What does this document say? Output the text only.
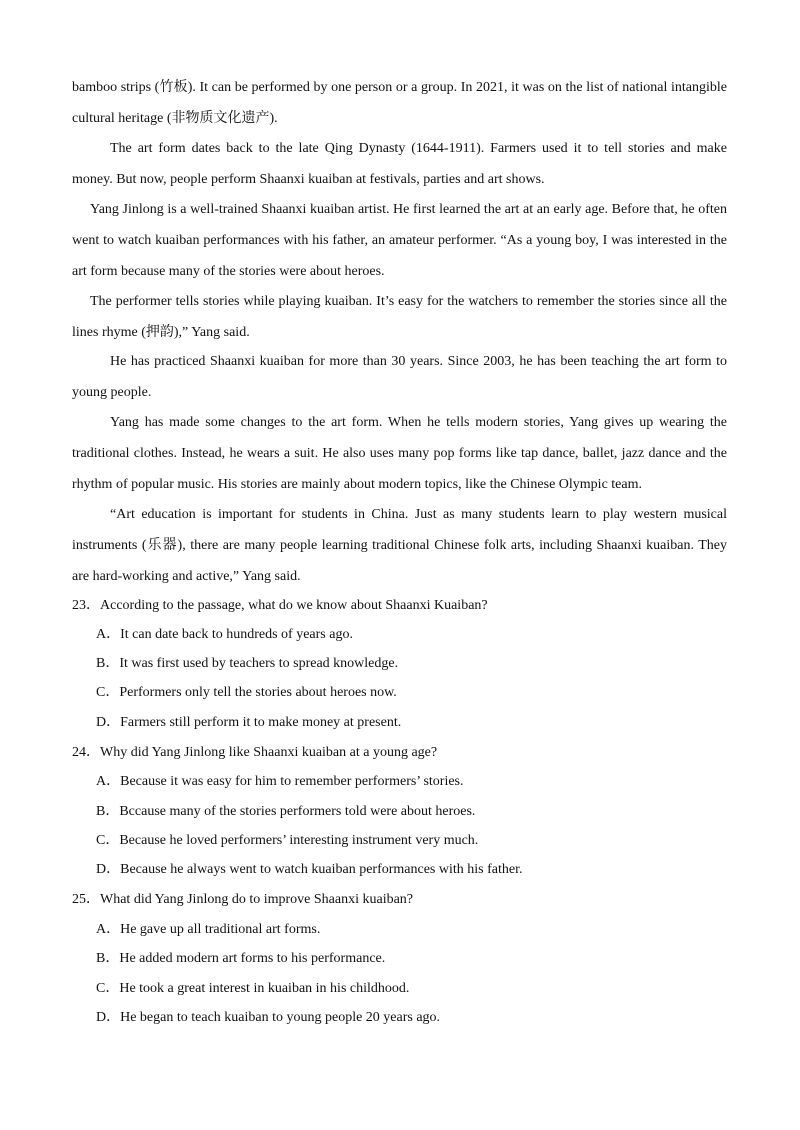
bamboo strips (竹板). It can be performed by one person or a group. In 2021, it was on the list of national intangible cultural heritage (非物质文化遗产).

The art form dates back to the late Qing Dynasty (1644-1911). Farmers used it to tell stories and make money. But now, people perform Shaanxi kuaiban at festivals, parties and art shows.

Yang Jinlong is a well-trained Shaanxi kuaiban artist. He first learned the art at an early age. Before that, he often went to watch kuaiban performances with his father, an amateur performer. “As a young boy, I was interested in the art form because many of the stories were about heroes.

The performer tells stories while playing kuaiban. It’s easy for the watchers to remember the stories since all the lines rhyme (押韵),” Yang said.

He has practiced Shaanxi kuaiban for more than 30 years. Since 2003, he has been teaching the art form to young people.

Yang has made some changes to the art form. When he tells modern stories, Yang gives up wearing the traditional clothes. Instead, he wears a suit. He also uses many pop forms like tap dance, ballet, jazz dance and the rhythm of popular music. His stories are mainly about modern topics, like the Chinese Olympic team.

“Art education is important for students in China. Just as many students learn to play western musical instruments (乐器), there are many people learning traditional Chinese folk arts, including Shaanxi kuaiban. They are hard-working and active,” Yang said.

23．According to the passage, what do we know about Shaanxi Kuaiban?

A．It can date back to hundreds of years ago.

B．It was first used by teachers to spread knowledge.

C．Performers only tell the stories about heroes now.

D．Farmers still perform it to make money at present.

24．Why did Yang Jinlong like Shaanxi kuaiban at a young age?

A．Because it was easy for him to remember performers’ stories.

B．Bccause many of the stories performers told were about heroes.

C．Because he loved performers’ interesting instrument very much.

D．Because he always went to watch kuaiban performances with his father.

25．What did Yang Jinlong do to improve Shaanxi kuaiban?

A．He gave up all traditional art forms.

B．He added modern art forms to his performance.

C．He took a great interest in kuaiban in his childhood.

D．He began to teach kuaiban to young people 20 years ago.
